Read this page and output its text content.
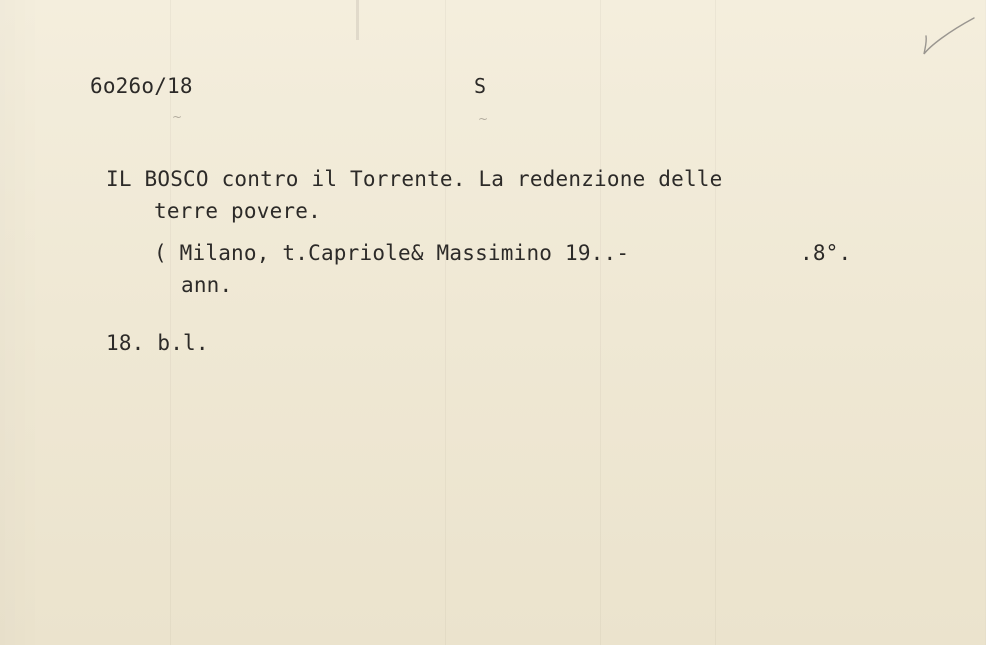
6o26o/18	S
~	~
IL BOSCO contro il Torrente. La redenzione delle
terre povere.
( Milano, t.Capriole& Massimino 19..-	.8°.
ann.
18. b.l.
